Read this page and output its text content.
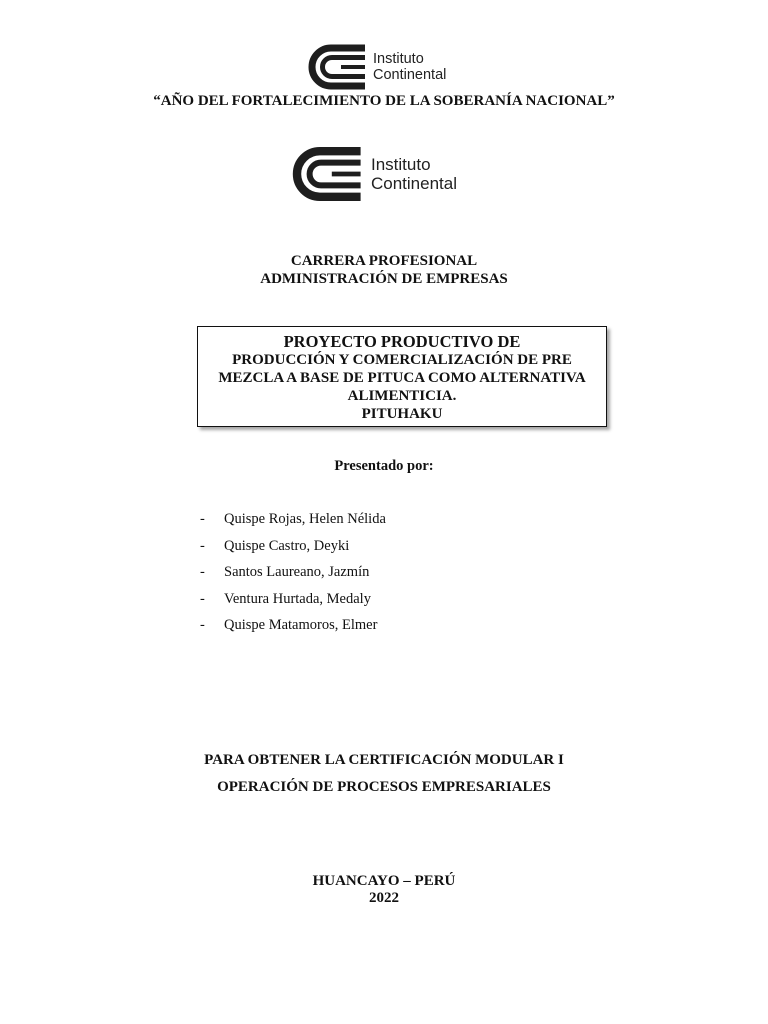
Instituto
Continental
“AÑO DEL FORTALECIMIENTO DE LA SOBERANÍA NACIONAL”
Instituto
Continental
CARRERA PROFESIONAL
ADMINISTRACIÓN DE EMPRESAS
PROYECTO PRODUCTIVO DE
PRODUCCIÓN Y COMERCIALIZACIÓN DE PRE
MEZCLA A BASE DE PITUCA COMO ALTERNATIVA
ALIMENTICIA.
PITUHAKU
Presentado por:
-	Quispe Rojas, Helen Nélida
-	Quispe Castro, Deyki
-	Santos Laureano, Jazmín
-	Ventura Hurtada, Medaly
-	Quispe Matamoros, Elmer
PARA OBTENER LA CERTIFICACIÓN MODULAR I
OPERACIÓN DE PROCESOS EMPRESARIALES
HUANCAYO – PERÚ
2022
